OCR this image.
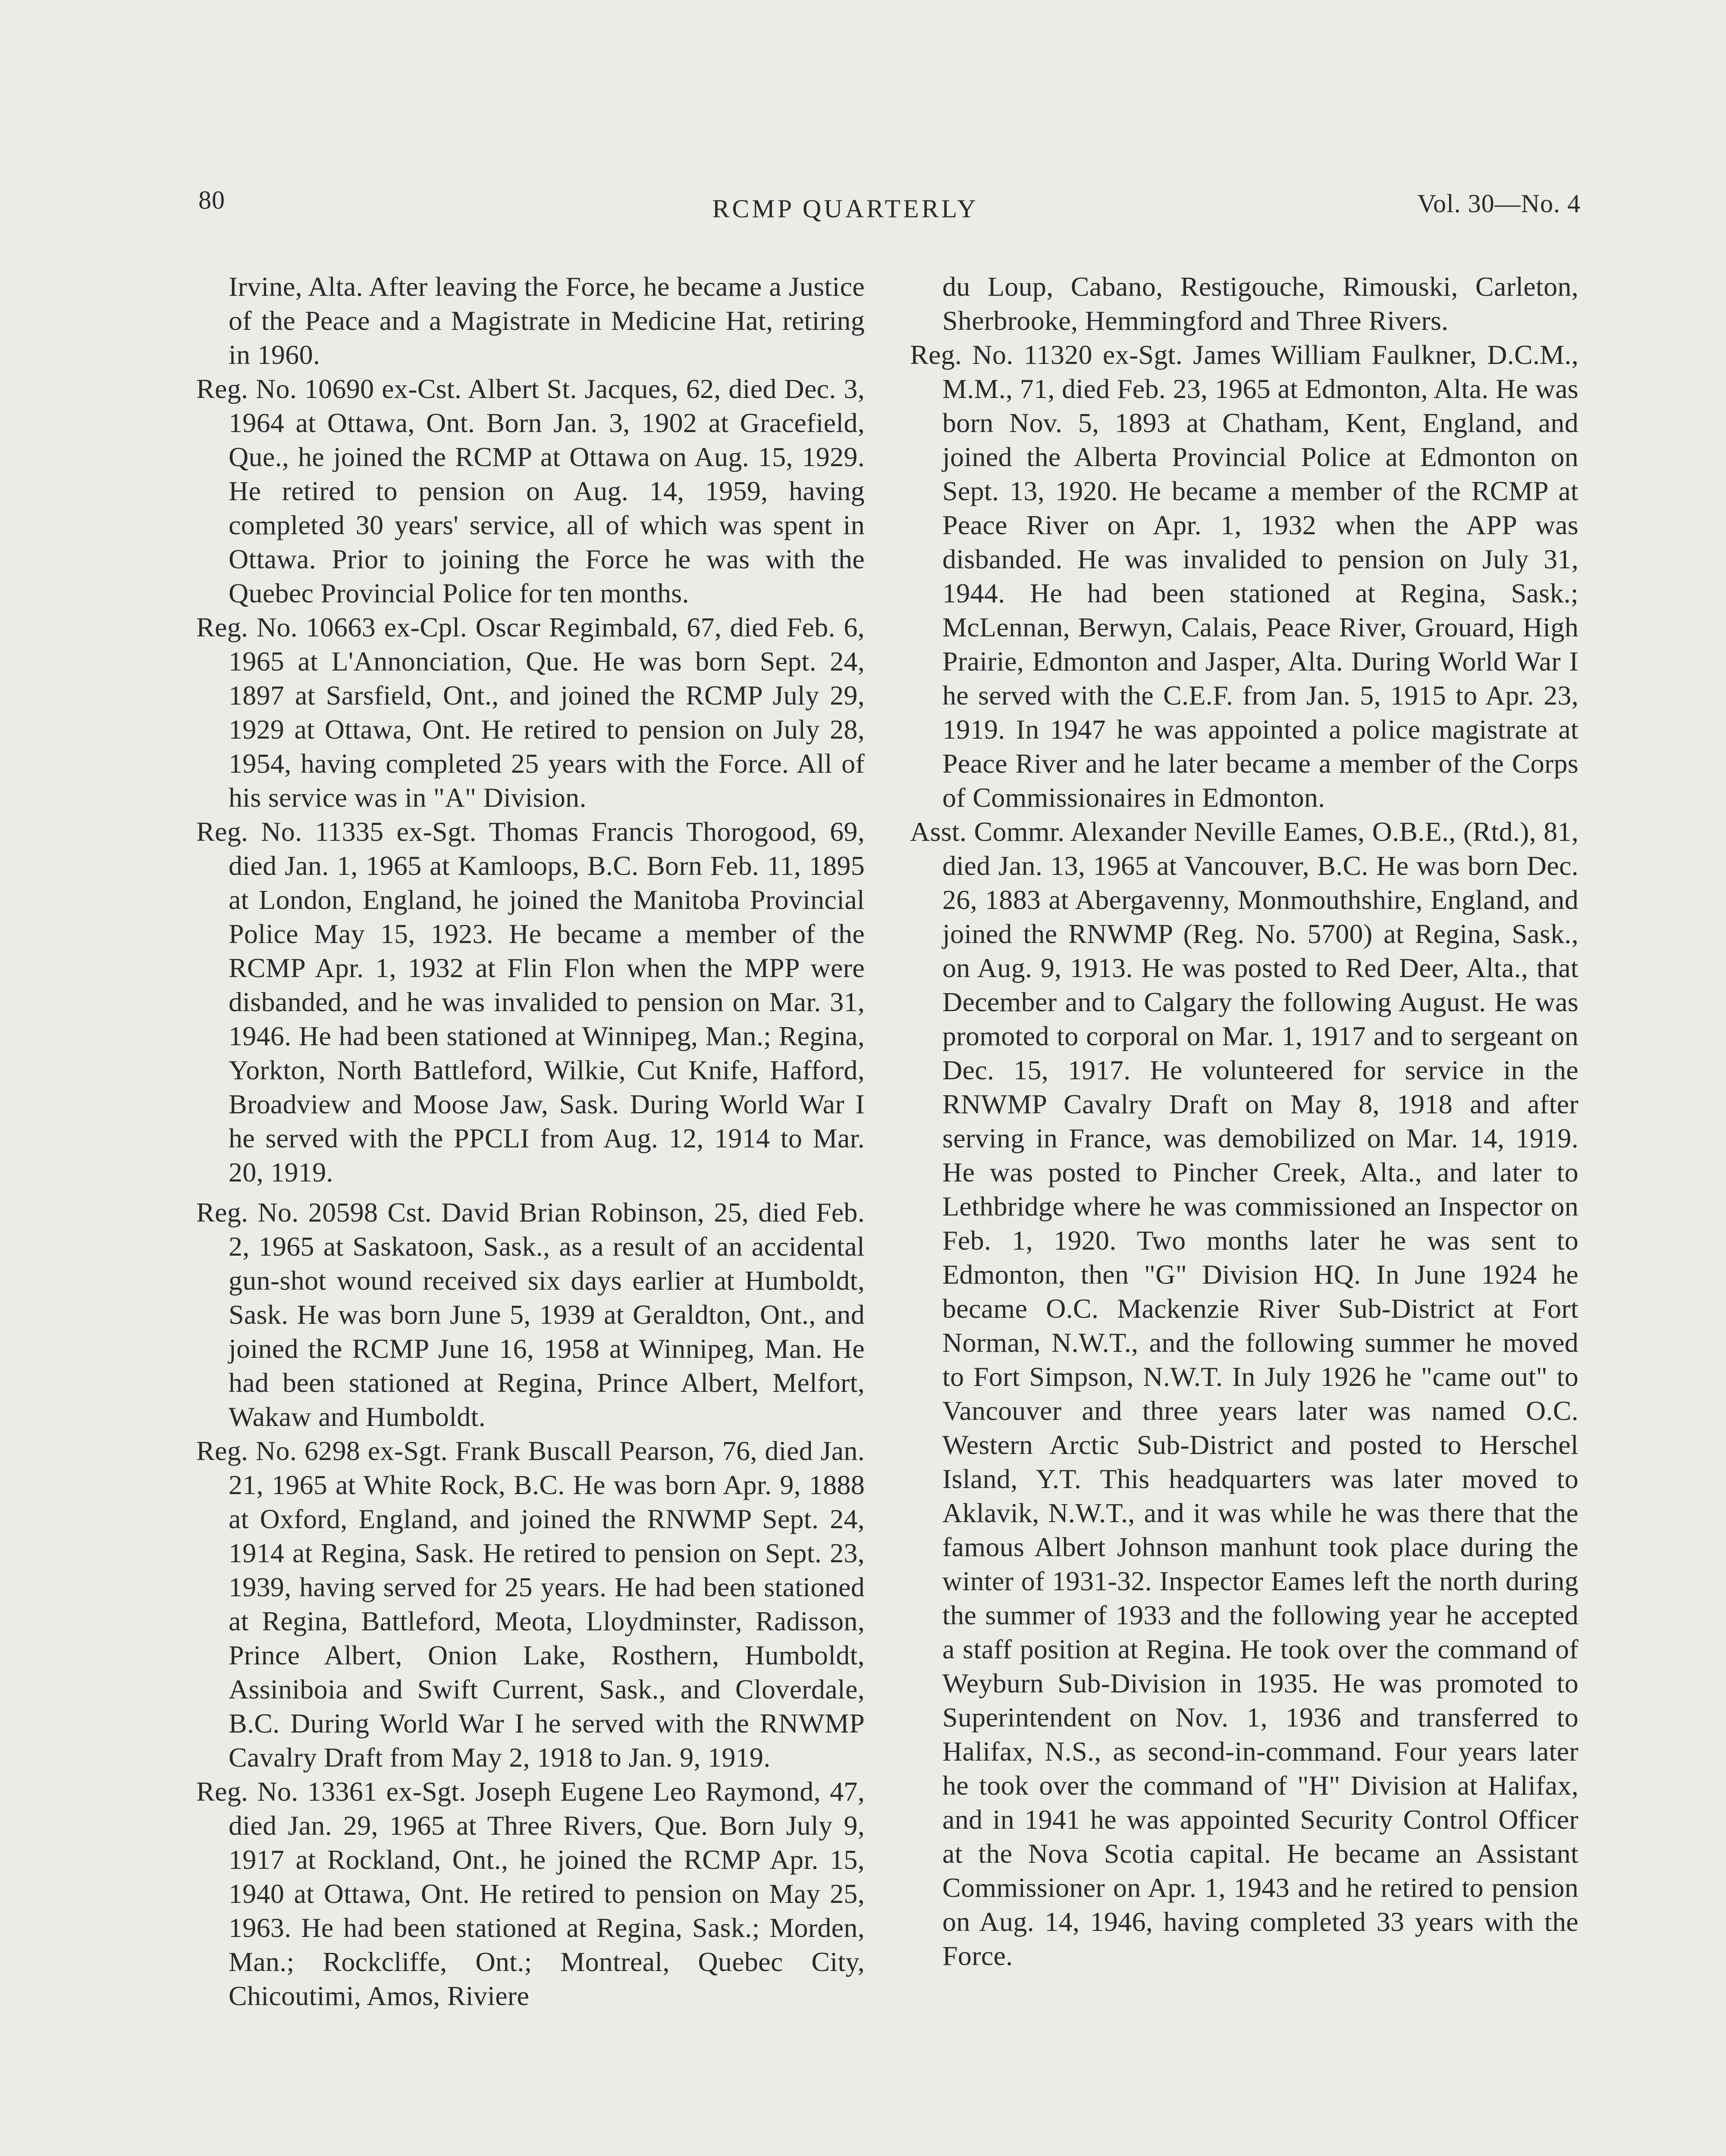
80	RCMP QUARTERLY	Vol. 30—No. 4

Irvine, Alta. After leaving the Force, he became a Justice of the Peace and a Magistrate in Medicine Hat, retiring in 1960.

Reg. No. 10690 ex-Cst. Albert St. Jacques, 62, died Dec. 3, 1964 at Ottawa, Ont. Born Jan. 3, 1902 at Gracefield, Que., he joined the RCMP at Ottawa on Aug. 15, 1929. He retired to pension on Aug. 14, 1959, having completed 30 years' service, all of which was spent in Ottawa. Prior to joining the Force he was with the Quebec Provincial Police for ten months.

Reg. No. 10663 ex-Cpl. Oscar Regimbald, 67, died Feb. 6, 1965 at L'Annonciation, Que. He was born Sept. 24, 1897 at Sarsfield, Ont., and joined the RCMP July 29, 1929 at Ottawa, Ont. He retired to pension on July 28, 1954, having completed 25 years with the Force. All of his service was in "A" Division.

Reg. No. 11335 ex-Sgt. Thomas Francis Thorogood, 69, died Jan. 1, 1965 at Kamloops, B.C. Born Feb. 11, 1895 at London, England, he joined the Manitoba Provincial Police May 15, 1923. He became a member of the RCMP Apr. 1, 1932 at Flin Flon when the MPP were disbanded, and he was invalided to pension on Mar. 31, 1946. He had been stationed at Winnipeg, Man.; Regina, Yorkton, North Battleford, Wilkie, Cut Knife, Hafford, Broadview and Moose Jaw, Sask. During World War I he served with the PPCLI from Aug. 12, 1914 to Mar. 20, 1919.

Reg. No. 20598 Cst. David Brian Robinson, 25, died Feb. 2, 1965 at Saskatoon, Sask., as a result of an accidental gun-shot wound received six days earlier at Humboldt, Sask. He was born June 5, 1939 at Geraldton, Ont., and joined the RCMP June 16, 1958 at Winnipeg, Man. He had been stationed at Regina, Prince Albert, Melfort, Wakaw and Humboldt.

Reg. No. 6298 ex-Sgt. Frank Buscall Pearson, 76, died Jan. 21, 1965 at White Rock, B.C. He was born Apr. 9, 1888 at Oxford, England, and joined the RNWMP Sept. 24, 1914 at Regina, Sask. He retired to pension on Sept. 23, 1939, having served for 25 years. He had been stationed at Regina, Battleford, Meota, Lloydminster, Radisson, Prince Albert, Onion Lake, Rosthern, Humboldt, Assiniboia and Swift Current, Sask., and Cloverdale, B.C. During World War I he served with the RNWMP Cavalry Draft from May 2, 1918 to Jan. 9, 1919.

Reg. No. 13361 ex-Sgt. Joseph Eugene Leo Raymond, 47, died Jan. 29, 1965 at Three Rivers, Que. Born July 9, 1917 at Rockland, Ont., he joined the RCMP Apr. 15, 1940 at Ottawa, Ont. He retired to pension on May 25, 1963. He had been stationed at Regina, Sask.; Morden, Man.; Rockcliffe, Ont.; Montreal, Quebec City, Chicoutimi, Amos, Riviere

du Loup, Cabano, Restigouche, Rimouski, Carleton, Sherbrooke, Hemmingford and Three Rivers.

Reg. No. 11320 ex-Sgt. James William Faulkner, D.C.M., M.M., 71, died Feb. 23, 1965 at Edmonton, Alta. He was born Nov. 5, 1893 at Chatham, Kent, England, and joined the Alberta Provincial Police at Edmonton on Sept. 13, 1920. He became a member of the RCMP at Peace River on Apr. 1, 1932 when the APP was disbanded. He was invalided to pension on July 31, 1944. He had been stationed at Regina, Sask.; McLennan, Berwyn, Calais, Peace River, Grouard, High Prairie, Edmonton and Jasper, Alta. During World War I he served with the C.E.F. from Jan. 5, 1915 to Apr. 23, 1919. In 1947 he was appointed a police magistrate at Peace River and he later became a member of the Corps of Commissionaires in Edmonton.

Asst. Commr. Alexander Neville Eames, O.B.E., (Rtd.), 81, died Jan. 13, 1965 at Vancouver, B.C. He was born Dec. 26, 1883 at Abergavenny, Monmouthshire, England, and joined the RNWMP (Reg. No. 5700) at Regina, Sask., on Aug. 9, 1913. He was posted to Red Deer, Alta., that December and to Calgary the following August. He was promoted to corporal on Mar. 1, 1917 and to sergeant on Dec. 15, 1917. He volunteered for service in the RNWMP Cavalry Draft on May 8, 1918 and after serving in France, was demobilized on Mar. 14, 1919. He was posted to Pincher Creek, Alta., and later to Lethbridge where he was commissioned an Inspector on Feb. 1, 1920. Two months later he was sent to Edmonton, then "G" Division HQ. In June 1924 he became O.C. Mackenzie River Sub-District at Fort Norman, N.W.T., and the following summer he moved to Fort Simpson, N.W.T. In July 1926 he "came out" to Vancouver and three years later was named O.C. Western Arctic Sub-District and posted to Herschel Island, Y.T. This headquarters was later moved to Aklavik, N.W.T., and it was while he was there that the famous Albert Johnson manhunt took place during the winter of 1931-32. Inspector Eames left the north during the summer of 1933 and the following year he accepted a staff position at Regina. He took over the command of Weyburn Sub-Division in 1935. He was promoted to Superintendent on Nov. 1, 1936 and transferred to Halifax, N.S., as second-in-command. Four years later he took over the command of "H" Division at Halifax, and in 1941 he was appointed Security Control Officer at the Nova Scotia capital. He became an Assistant Commissioner on Apr. 1, 1943 and he retired to pension on Aug. 14, 1946, having completed 33 years with the Force.
